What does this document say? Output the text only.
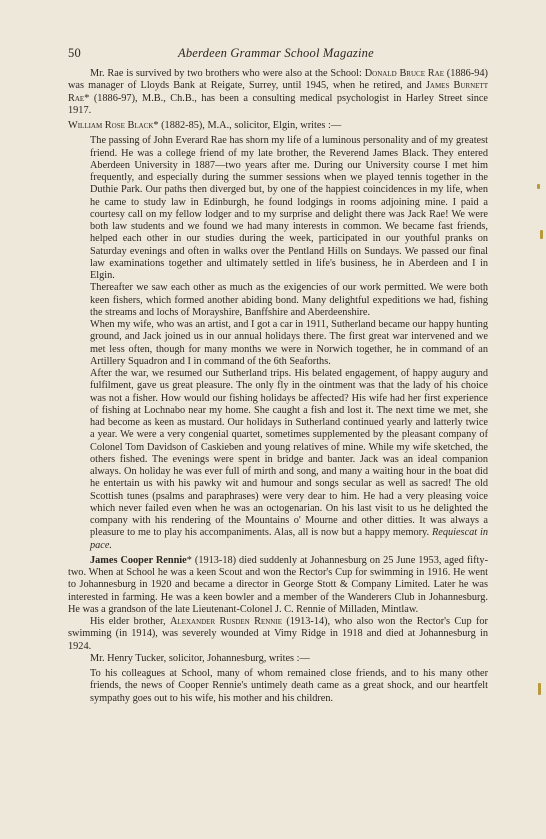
50	Aberdeen Grammar School Magazine

Mr. Rae is survived by two brothers who were also at the School: Donald Bruce Rae (1886-94) was manager of Lloyds Bank at Reigate, Surrey, until 1945, when he retired, and James Burnett Rae* (1886-97), M.B., Ch.B., has been a consulting medical psychologist in Harley Street since 1917.

William Rose Black* (1882-85), M.A., solicitor, Elgin, writes :—

The passing of John Everard Rae has shorn my life of a luminous personality and of my greatest friend. He was a college friend of my late brother, the Reverend James Black. They entered Aberdeen University in 1887—two years after me. During our University course I met him frequently, and especially during the summer sessions when we played tennis together in the Duthie Park. Our paths then diverged but, by one of the happiest coincidences in my life, when he came to study law in Edinburgh, he found lodgings in rooms adjoining mine. I paid a courtesy call on my fellow lodger and to my surprise and delight there was Jack Rae! We were both law students and we found we had many interests in common. We became fast friends, helped each other in our studies during the week, participated in our youthful pranks on Saturday evenings and often in walks over the Pentland Hills on Sundays. We passed our final law examinations together and ultimately settled in life's business, he in Aberdeen and I in Elgin.

Thereafter we saw each other as much as the exigencies of our work permitted. We were both keen fishers, which formed another abiding bond. Many delightful expeditions we had, fishing the streams and lochs of Morayshire, Banffshire and Aberdeenshire.

When my wife, who was an artist, and I got a car in 1911, Sutherland became our happy hunting ground, and Jack joined us in our annual holidays there. The first great war intervened and we met less often, though for many months we were in Norwich together, he in command of an Artillery Squadron and I in command of the 6th Seaforths.

After the war, we resumed our Sutherland trips. His belated engagement, of happy augury and fulfilment, gave us great pleasure. The only fly in the ointment was that the lady of his choice was not a fisher. How would our fishing holidays be affected? His wife had her first experience of fishing at Lochnabo near my home. She caught a fish and lost it. The next time we met, she had become as keen as mustard. Our holidays in Sutherland continued yearly and latterly twice a year. We were a very congenial quartet, sometimes supplemented by the pleasant company of Colonel Tom Davidson of Caskieben and young relatives of mine. While my wife sketched, the others fished. The evenings were spent in bridge and banter. Jack was an ideal companion always. On holiday he was ever full of mirth and song, and many a waiting hour in the boat did he entertain us with his pawky wit and humour and songs secular as well as sacred! The old Scottish tunes (psalms and paraphrases) were very dear to him. He had a very pleasing voice which never failed even when he was an octogenarian. On his last visit to us he delighted the company with his rendering of the Mountains o' Mourne and other ditties. It was always a pleasure to me to play his accompaniments. Alas, all is now but a happy memory. Requiescat in pace.

James Cooper Rennie* (1913-18) died suddenly at Johannesburg on 25 June 1953, aged fifty-two. When at School he was a keen Scout and won the Rector's Cup for swimming in 1916. He went to Johannesburg in 1920 and became a director in George Stott & Company Limited. Later he was interested in farming. He was a keen bowler and a member of the Wanderers Club in Johannesburg. He was a grandson of the late Lieutenant-Colonel J. C. Rennie of Milladen, Mintlaw.

His elder brother, Alexander Rusden Rennie (1913-14), who also won the Rector's Cup for swimming (in 1914), was severely wounded at Vimy Ridge in 1918 and died at Johannesburg in 1924.

Mr. Henry Tucker, solicitor, Johannesburg, writes :—

To his colleagues at School, many of whom remained close friends, and to his many other friends, the news of Cooper Rennie's untimely death came as a great shock, and our heartfelt sympathy goes out to his wife, his mother and his children.
